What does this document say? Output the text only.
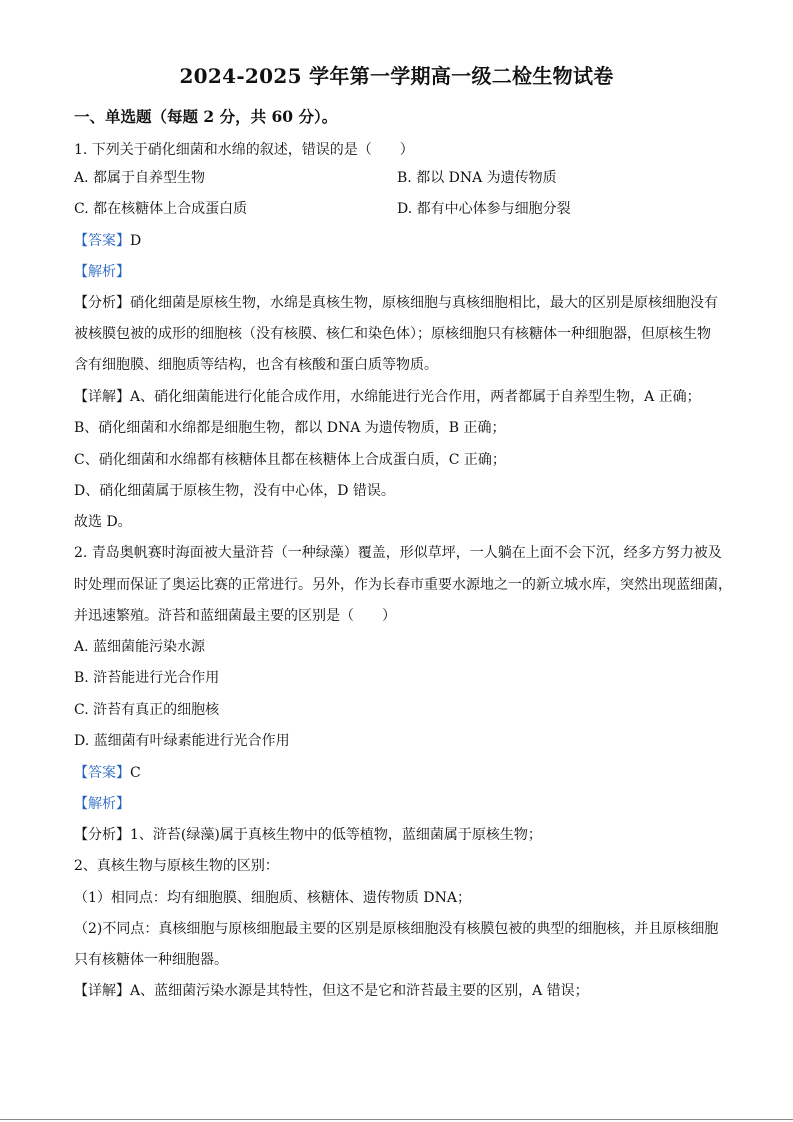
2024-2025 学年第一学期高一级二检生物试卷
一、单选题（每题 2 分，共 60 分）。
1. 下列关于硝化细菌和水绵的叙述，错误的是（　　）
A. 都属于自养型生物	B. 都以 DNA 为遗传物质
C. 都在核糖体上合成蛋白质	D. 都有中心体参与细胞分裂
【答案】D
【解析】
【分析】硝化细菌是原核生物，水绵是真核生物，原核细胞与真核细胞相比，最大的区别是原核细胞没有
被核膜包被的成形的细胞核（没有核膜、核仁和染色体）；原核细胞只有核糖体一种细胞器，但原核生物
含有细胞膜、细胞质等结构，也含有核酸和蛋白质等物质。
【详解】A、硝化细菌能进行化能合成作用，水绵能进行光合作用，两者都属于自养型生物，A 正确；
B、硝化细菌和水绵都是细胞生物，都以 DNA 为遗传物质，B 正确；
C、硝化细菌和水绵都有核糖体且都在核糖体上合成蛋白质，C 正确；
D、硝化细菌属于原核生物，没有中心体，D 错误。
故选 D。
2. 青岛奥帆赛时海面被大量浒苔（一种绿藻）覆盖，形似草坪，一人躺在上面不会下沉，经多方努力被及
时处理而保证了奥运比赛的正常进行。另外，作为长春市重要水源地之一的新立城水库，突然出现蓝细菌，
并迅速繁殖。浒苔和蓝细菌最主要的区别是（　　）
A. 蓝细菌能污染水源
B. 浒苔能进行光合作用
C. 浒苔有真正的细胞核
D. 蓝细菌有叶绿素能进行光合作用
【答案】C
【解析】
【分析】1、浒苔(绿藻)属于真核生物中的低等植物，蓝细菌属于原核生物；
2、真核生物与原核生物的区别：
（1）相同点：均有细胞膜、细胞质、核糖体、遗传物质 DNA；
（2)不同点：真核细胞与原核细胞最主要的区别是原核细胞没有核膜包被的典型的细胞核，并且原核细胞
只有核糖体一种细胞器。
【详解】A、蓝细菌污染水源是其特性，但这不是它和浒苔最主要的区别，A 错误；
